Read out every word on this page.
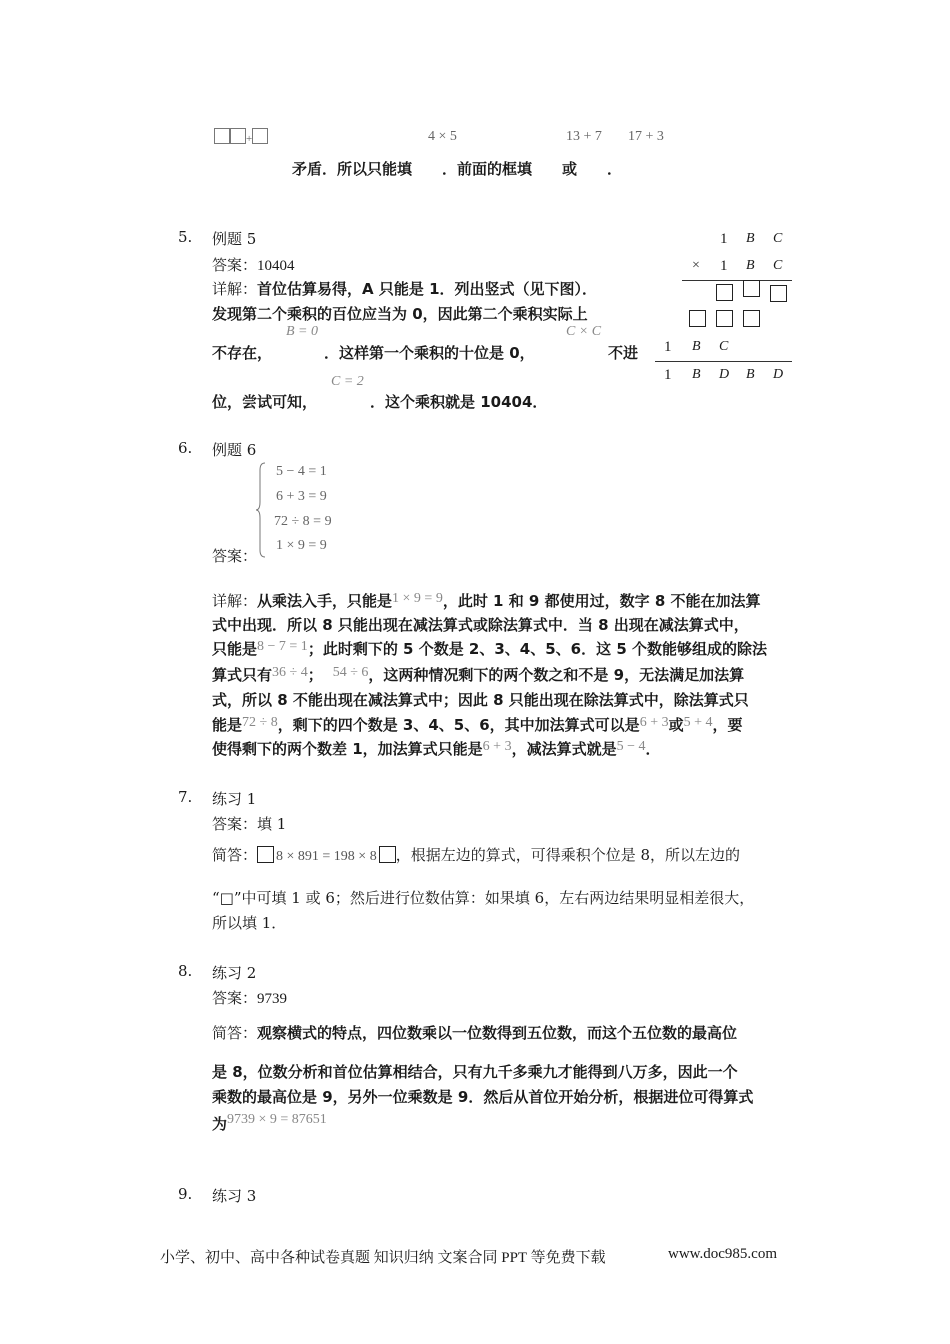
+	4 × 5	13 + 7 17 + 3
矛盾．所以只能填　　．前面的框填　　或　　．
5. 例题 5
答案：10404
详解：首位估算易得，A 只能是 1．列出竖式（见下图）．
发现第二个乘积的百位应当为 0，因此第二个乘积实际上
B = 0	C × C
不存在，	．这样第一个乘积的十位是 0，	不进
C = 2
位，尝试可知，	．这个乘积就是 10404．
1 B C
× 1 B C
1 B C
1 B D B D
6. 例题 6
5 − 4 = 1
6 + 3 = 9
72 ÷ 8 = 9
1 × 9 = 9
答案：
详解：从乘法入手，只能是1 × 9 = 9，此时 1 和 9 都使用过，数字 8 不能在加法算
式中出现．所以 8 只能出现在减法算式或除法算式中．当 8 出现在减法算式中，
只能是8 − 7 = 1；此时剩下的 5 个数是 2、3、4、5、6．这 5 个数能够组成的除法
算式只有36 ÷ 4； 54 ÷ 6，这两种情况剩下的两个数之和不是 9，无法满足加法算
式，所以 8 不能出现在减法算式中；因此 8 只能出现在除法算式中，除法算式只
能是72 ÷ 8，剩下的四个数是 3、4、5、6，其中加法算式可以是6 + 3或5 + 4，要
使得剩下的两个数差 1，加法算式只能是6 + 3，减法算式就是5 − 4．
7. 练习 1
答案：填 1
简答： 8 × 891 = 198 × 8 ，根据左边的算式，可得乘积个位是 8，所以左边的
“□”中可填 1 或 6；然后进行位数估算：如果填 6，左右两边结果明显相差很大，
所以填 1．
8. 练习 2
答案：9739
简答：观察横式的特点，四位数乘以一位数得到五位数，而这个五位数的最高位
是 8，位数分析和首位估算相结合，只有九千多乘九才能得到八万多，因此一个
乘数的最高位是 9，另外一位乘数是 9．然后从首位开始分析，根据进位可得算式
为9739 × 9 = 87651
9. 练习 3
小学、初中、高中各种试卷真题 知识归纳 文案合同 PPT 等免费下载	www.doc985.com
